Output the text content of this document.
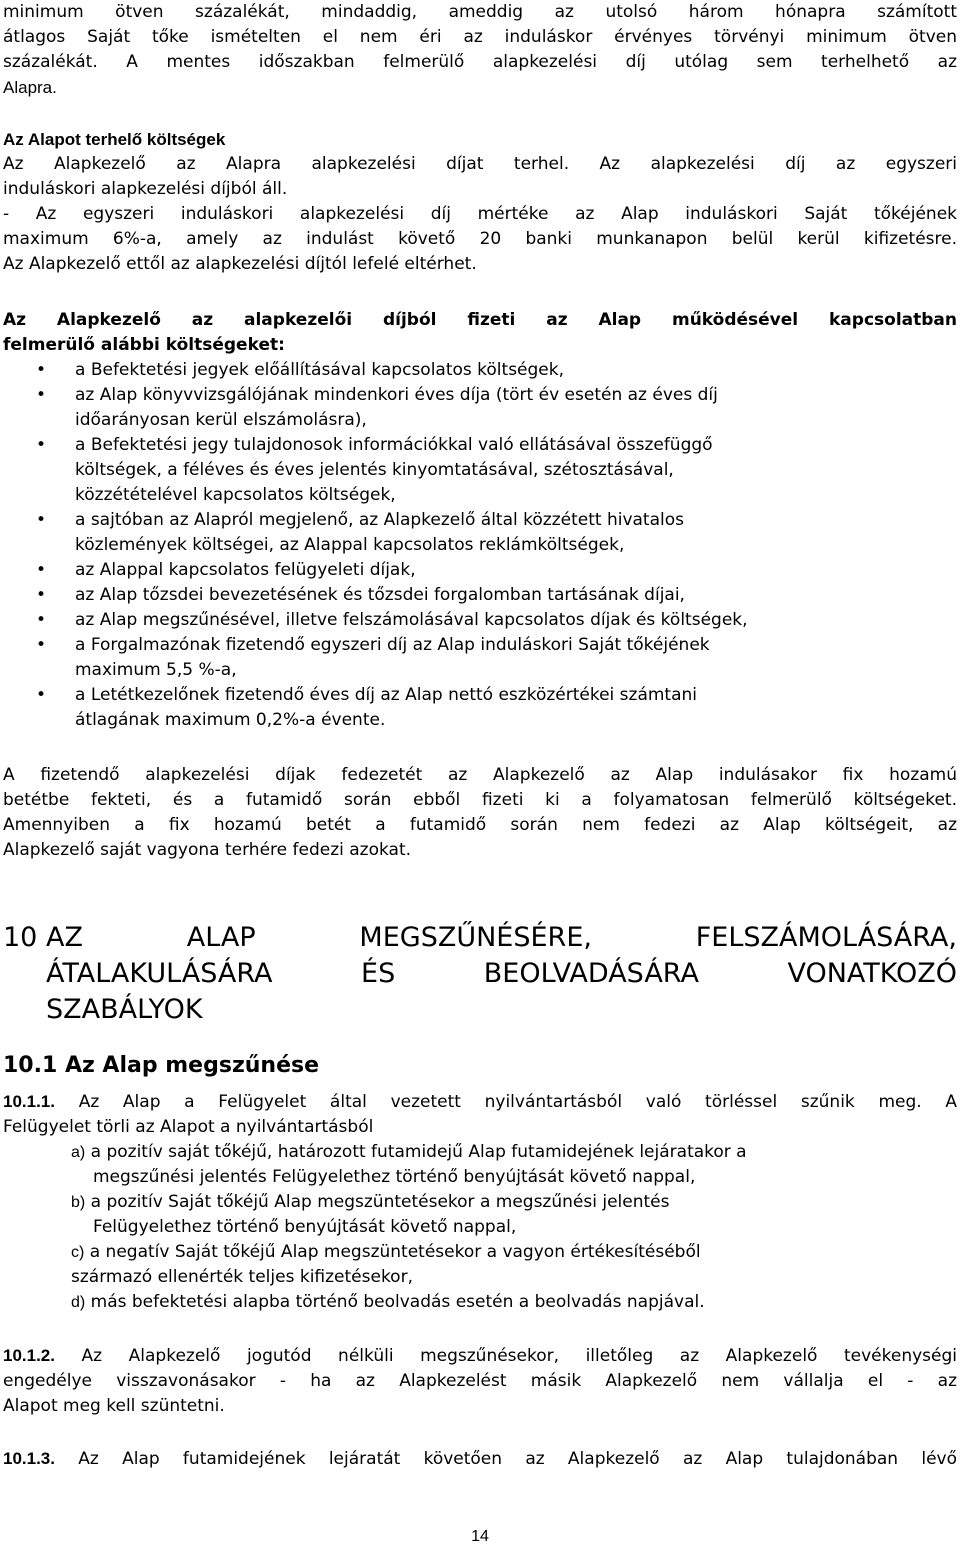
minimum ötven százalékát, mindaddig, ameddig az utolsó három hónapra számított

átlagos Saját tőke ismételten el nem éri az induláskor érvényes törvényi minimum ötven

százalékát. A mentes időszakban felmerülő alapkezelési díj utólag sem terhelhető az

Alapra.

Az Alapot terhelő költségek

Az Alapkezelő az Alapra alapkezelési díjat terhel. Az alapkezelési díj az egyszeri

induláskori alapkezelési díjból áll.

- Az egyszeri induláskori alapkezelési díj mértéke az Alap induláskori Saját tőkéjének

maximum 6%-a, amely az indulást követő 20 banki munkanapon belül kerül kifizetésre.

Az Alapkezelő ettől az alapkezelési díjtól lefelé eltérhet.

Az Alapkezelő az alapkezelői díjból fizeti az Alap működésével kapcsolatban

felmerülő alábbi költségeket:

• a Befektetési jegyek előállításával kapcsolatos költségek,
• az Alap könyvvizsgálójának mindenkori éves díja (tört év esetén az éves díj
időarányosan kerül elszámolásra),
• a Befektetési jegy tulajdonosok információkkal való ellátásával összefüggő
költségek, a féléves és éves jelentés kinyomtatásával, szétosztásával,
közzétételével kapcsolatos költségek,
• a sajtóban az Alapról megjelenő, az Alapkezelő által közzétett hivatalos
közlemények költségei, az Alappal kapcsolatos reklámköltségek,
• az Alappal kapcsolatos felügyeleti díjak,
• az Alap tőzsdei bevezetésének és tőzsdei forgalomban tartásának díjai,
• az Alap megszűnésével, illetve felszámolásával kapcsolatos díjak és költségek,
• a Forgalmazónak fizetendő egyszeri díj az Alap induláskori Saját tőkéjének
maximum 5,5 %-a,
• a Letétkezelőnek fizetendő éves díj az Alap nettó eszközértékei számtani
átlagának maximum 0,2%-a évente.

A fizetendő alapkezelési díjak fedezetét az Alapkezelő az Alap indulásakor fix hozamú

betétbe fekteti, és a futamidő során ebből fizeti ki a folyamatosan felmerülő költségeket.

Amennyiben a fix hozamú betét a futamidő során nem fedezi az Alap költségeit, az

Alapkezelő saját vagyona terhére fedezi azokat.

10 AZ ALAP MEGSZŰNÉSÉRE, FELSZÁMOLÁSÁRA,
ÁTALAKULÁSÁRA ÉS BEOLVADÁSÁRA VONATKOZÓ
SZABÁLYOK
10.1 Az Alap megszűnése

10.1.1. Az Alap a Felügyelet által vezetett nyilvántartásból való törléssel szűnik meg. A

Felügyelet törli az Alapot a nyilvántartásból

a) a pozitív saját tőkéjű, határozott futamidejű Alap futamidejének lejáratakor a

megszűnési jelentés Felügyelethez történő benyújtását követő nappal,

b) a pozitív Saját tőkéjű Alap megszüntetésekor a megszűnési jelentés

Felügyelethez történő benyújtását követő nappal,

c) a negatív Saját tőkéjű Alap megszüntetésekor a vagyon értékesítéséből

származó ellenérték teljes kifizetésekor,

d) más befektetési alapba történő beolvadás esetén a beolvadás napjával.

10.1.2. Az Alapkezelő jogutód nélküli megszűnésekor, illetőleg az Alapkezelő tevékenységi

engedélye visszavonásakor - ha az Alapkezelést másik Alapkezelő nem vállalja el - az

Alapot meg kell szüntetni.

10.1.3. Az Alap futamidejének lejáratát követően az Alapkezelő az Alap tulajdonában lévő

14
